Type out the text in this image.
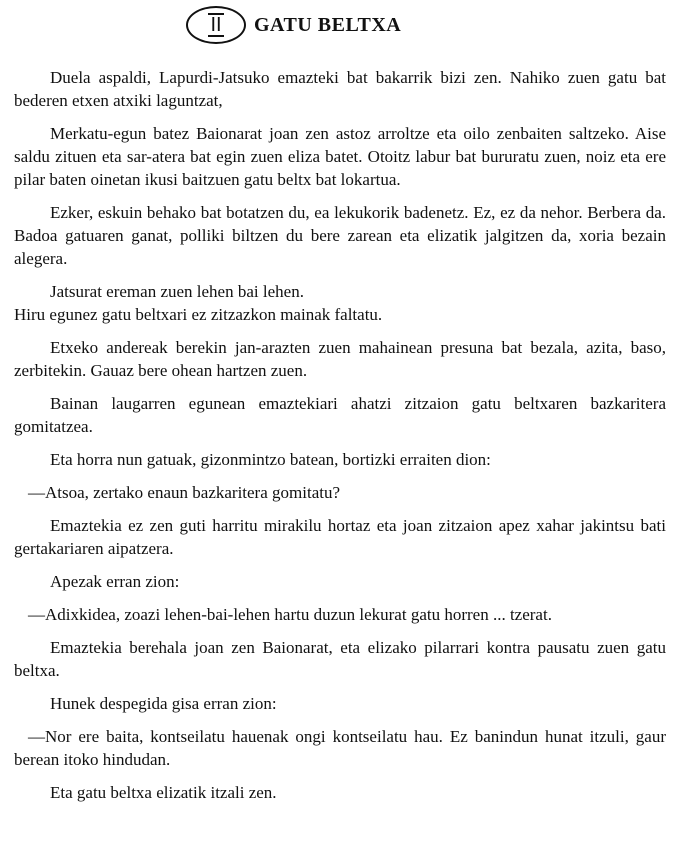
II GATU BELTXA

Duela aspaldi, Lapurdi-Jatsuko emazteki bat bakarrik bizi zen. Nahiko zuen gatu bat bederen etxen atxiki laguntzat,

Merkatu-egun batez Baionarat joan zen astoz arroltze eta oilo zenbaiten saltzeko. Aise saldu zituen eta sar-atera bat egin zuen eliza batet. Otoitz labur bat bururatu zuen, noiz eta ere pilar baten oinetan ikusi baitzuen gatu beltx bat lokartua.

Ezker, eskuin behako bat botatzen du, ea lekukorik badenetz. Ez, ez da nehor. Berbera da. Badoa gatuaren ganat, polliki biltzen du bere zarean eta elizatik jalgitzen da, xoria bezain alegera.

Jatsurat ereman zuen lehen bai lehen.
Hiru egunez gatu beltxari ez zitzazkon mainak faltatu.

Etxeko andereak berekin jan-arazten zuen mahainean presuna bat bezala, azita, baso, zerbitekin. Gauaz bere ohean hartzen zuen.

Bainan laugarren egunean emaztekiari ahatzi zitzaion gatu beltxaren bazkaritera gomitatzea.

Eta horra nun gatuak, gizonmintzo batean, bortizki erraiten dion:

—Atsoa, zertako enaun bazkaritera gomitatu?

Emaztekia ez zen guti harritu mirakilu hortaz eta joan zitzaion apez xahar jakintsu bati gertakariaren aipatzera.

Apezak erran zion:

—Adixkidea, zoazi lehen-bai-lehen hartu duzun lekurat gatu horren ... tzerat.

Emaztekia berehala joan zen Baionarat, eta elizako pilarrari kontra pausatu zuen gatu beltxa.

Hunek despegida gisa erran zion:

—Nor ere baita, kontseilatu hauenak ongi kontseilatu hau. Ez banindun hunat itzuli, gaur berean itoko hindudan.

Eta gatu beltxa elizatik itzali zen.
